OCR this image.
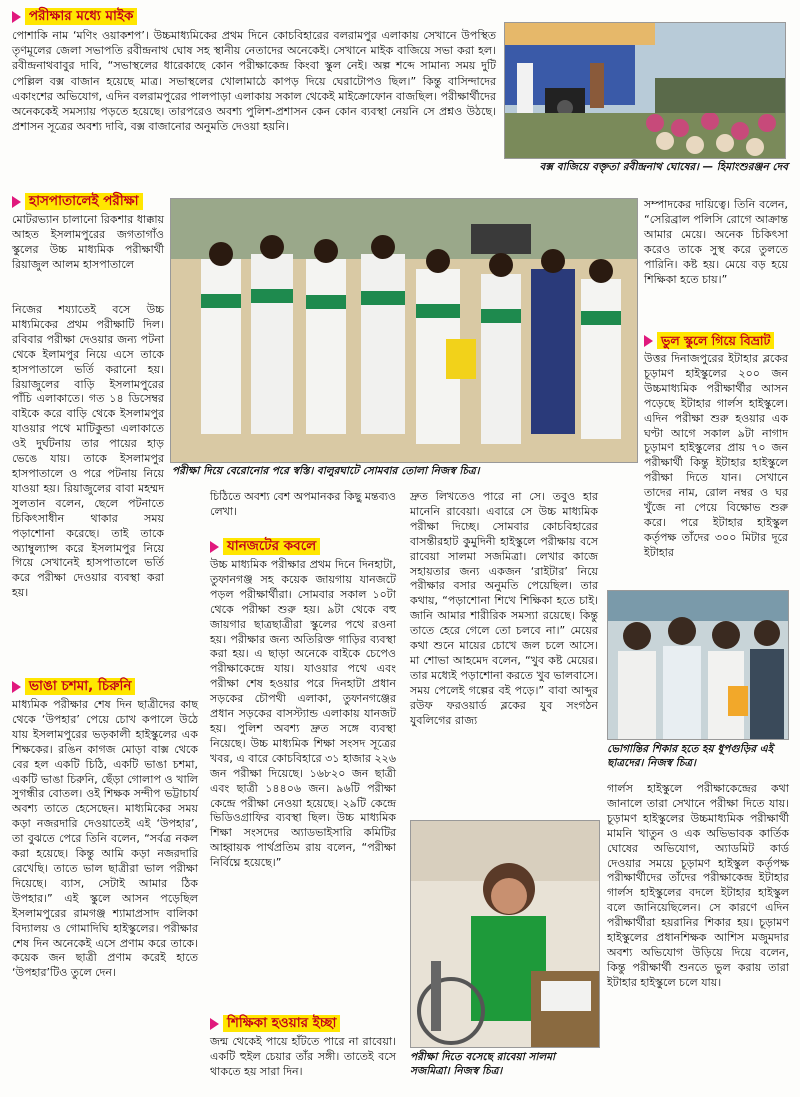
পরীক্ষার মধ্যে মাইক

পোশাকি নাম ‘মণিং ওয়াকশপ’। উচ্চমাধ্যমিকের প্রথম দিনে কোচবিহারের বলরামপুর এলাকায় সেখানে উপস্থিত তৃণমূলের জেলা সভাপতি রবীন্দ্রনাথ ঘোষ সহ স্থানীয় নেতাদের অনেকেই। সেখানে মাইক বাজিয়ে সভা করা হল। রবীন্দ্রনাথবাবুর দাবি, “সভাস্থলের ধারেকাছে কোন পরীক্ষাকেন্দ্র কিংবা স্কুল নেই। অল্প শব্দে সামান্য সময় দুটি পেল্লিল বক্স বাজান হয়েছে মাত্র। সভাস্থলের খোলামাঠে কাপড় দিয়ে ঘেরাটোপও ছিল।” কিন্তু বাসিন্দাদের একাংশের অভিযোগ, এদিন বলরামপুরের পালপাড়া এলাকায় সকাল থেকেই মাইক্রোফোন বাজছিল। পরীক্ষার্থীদের অনেককেই সমস্যায় পড়তে হয়েছে। তারপরেও অবশ্য পুলিশ-প্রশাসন কেন কোন ব্যবস্থা নেয়নি সে প্রশ্নও উঠছে। প্রশাসন সূত্রের অবশ্য দাবি, বক্স বাজানোর অনুমতি দেওয়া হয়নি।

বক্স বাজিয়ে বক্তৃতা রবীন্দ্রনাথ ঘোষের। — হিমাংশুরঞ্জন দেব

হাসপাতালেই পরীক্ষা

মোটরভ্যান চালানো রিকশার ধাক্কায় আহত ইসলামপুরের জগতাগাঁও স্কুলের উচ্চ মাধ্যমিক পরীক্ষার্থী রিয়াজুল আলম হাসপাতালে

পরীক্ষা দিয়ে বেরোনোর পরে স্বস্তি। বালুরঘাটে সোমবার তোলা নিজস্ব চিত্র।

নিজের শয্যাতেই বসে উচ্চ মাধ্যমিকের প্রথম পরীক্ষাটি দিল। রবিবার পরীক্ষা দেওয়ার জন্য পটনা থেকে ইলামপুর নিয়ে এসে তাকে হাসপাতালে ভর্তি করানো হয়। রিয়াজুলের বাড়ি ইসলামপুরের পাঁচি এলাকাতে। গত ১৪ ডিসেম্বর বাইকে করে বাড়ি থেকে ইসলামপুর যাওয়ার পথে মাটিকুন্ডা এলাকাতে ওই দুর্ঘটনায় তার পায়ের হাড় ভেঙে যায়। তাকে ইসলামপুর হাসপাতালে ও পরে পটনায় নিয়ে যাওয়া হয়। রিয়াজুলের বাবা মহম্মদ সুলতান বলেন, ছেলে পটনাতে চিকিৎসাধীন থাকার সময় পড়াশোনা করেছে। তাই তাকে অ্যাম্বুল্যান্স করে ইসলামপুর নিয়ে গিয়ে সেখানেই হাসপাতালে ভর্তি করে পরীক্ষা দেওয়ার ব্যবস্থা করা হয়।

সম্পাদকের দায়িত্বে। তিনি বলেন, “সেরিব্রাল পলিসি রোগে আক্রান্ত আমার মেয়ে। অনেক চিকিৎসা করেও তাকে সুস্থ করে তুলতে পারিনি। কষ্ট হয়। মেয়ে বড় হয়ে শিক্ষিকা হতে চায়।”

ভুল স্কুলে গিয়ে বিভ্রাট

উত্তর দিনাজপুরের ইটাহার ব্লকের চূড়ামণ হাইস্কুলের ২০০ জন উচ্চমাধ্যমিক পরীক্ষার্থীর আসন পড়েছে ইটাহার গার্লস হাইস্কুলে। এদিন পরীক্ষা শুরু হওয়ার এক ঘণ্টা আগে সকাল ৯টা নাগাদ চূড়ামণ হাইস্কুলের প্রায় ৭০ জন পরীক্ষার্থী কিন্তু ইটাহার হাইস্কুলে পরীক্ষা দিতে যান। সেখানে তাদের নাম, রোল নম্বর ও ঘর খুঁজে না পেয়ে বিক্ষোভ শুরু করে। পরে ইটাহার হাইস্কুল কর্তৃপক্ষ তাঁদের ৩০০ মিটার দূরে ইটাহার

ভোগান্তির শিকার হতে হয় ধূপগুড়ির এই ছাত্রদের। নিজস্ব চিত্র।

গার্লস হাইস্কুলে পরীক্ষাকেন্দ্রের কথা জানালে তারা সেখানে পরীক্ষা দিতে যায়। চূড়ামণ হাইস্কুলের উচ্চমাধ্যমিক পরীক্ষার্থী মামনি খাতুন ও এক অভিভাবক কার্তিক ঘোষের অভিযোগ, অ্যাডমিট কার্ড দেওয়ার সময়ে চূড়ামণ হাইস্কুল কর্তৃপক্ষ পরীক্ষার্থীদের তাঁদের পরীক্ষাকেন্দ্র ইটাহার গার্লস হাইস্কুলের বদলে ইটাহার হাইস্কুল বলে জানিয়েছিলেন। সে কারণে এদিন পরীক্ষার্থীরা হয়রানির শিকার হয়। চূড়ামণ হাইস্কুলের প্রধানশিক্ষক আশিস মজুমদার অবশ্য অভিযোগ উড়িয়ে দিয়ে বলেন, কিন্তু পরীক্ষার্থী শুনতে ভুল করায় তারা ইটাহার হাইস্কুলে চলে যায়।

ভাঙা চশমা, চিরুনি

মাধ্যমিক পরীক্ষার শেষ দিন ছাত্রীদের কাছ থেকে ‘উপহার’ পেয়ে চোখ কপালে উঠে যায় ইসলামপুরের ভড়কালী হাইস্কুলের এক শিক্ষকের। রঙিন কাগজ মোড়া বাক্স থেকে বের হল একটি চিঠি, একটি ভাঙা চশমা, একটি ভাঙা চিরুনি, ছেঁড়া গোলাপ ও খালি সুগন্ধীর বোতল। ওই শিক্ষক সন্দীপ ভট্টাচার্য অবশ্য তাতে হেসেছেন। মাধ্যমিকের সময় কড়া নজরদারি দেওয়াতেই এই ‘উপহার’, তা বুঝতে পেরে তিনি বলেন, “সর্বত্র নকল করা হয়েছে। কিন্তু আমি কড়া নজরদারি রেখেছি। তাতে ভাল ছাত্রীরা ভাল পরীক্ষা দিয়েছে। ব্যাস, সেটাই আমার ঠিক উপহার।” এই স্কুলে আসন পড়েছিল ইসলামপুরের রামগঞ্জ শ্যামাপ্রসাদ বালিকা বিদ্যালয় ও গোমাদিঘি হাইস্কুলের। পরীক্ষার শেষ দিন অনেকেই এসে প্রণাম করে তাকে। কয়েক জন ছাত্রী প্রণাম করেই হাতে ‘উপহার’টিও তুলে দেন।

চিঠিতে অবশ্য বেশ অপমানকর কিছু মন্তব্যও লেখা।

যানজটের কবলে

উচ্চ মাধ্যমিক পরীক্ষার প্রথম দিনে দিনহাটা, তুফানগঞ্জ সহ কয়েক জায়গায় যানজটে পড়ল পরীক্ষার্থীরা। সোমবার সকাল ১০টা থেকে পরীক্ষা শুরু হয়। ৯টা থেকে বহু জায়গার ছাত্রছাত্রীরা স্কুলের পথে রওনা হয়। পরীক্ষার জন্য অতিরিক্ত গাড়ির ব্যবস্থা করা হয়। এ ছাড়া অনেকে বাইকে চেপেও পরীক্ষাকেন্দ্রে যায়। যাওয়ার পথে এবং পরীক্ষা শেষ হওয়ার পরে দিনহাটা প্রধান সড়কের চৌপথী এলাকা, তুফানগঞ্জের প্রধান সড়কের বাসস্ট্যান্ড এলাকায় যানজট হয়। পুলিশ অবশ্য দ্রুত সঙ্গে ব্যবস্থা নিয়েছে। উচ্চ মাধ্যমিক শিক্ষা সংসদ সূত্রের খবর, এ বারে কোচবিহারে ৩১ হাজার ২২৬ জন পরীক্ষা দিয়েছে। ১৬৮২০ জন ছাত্রী এবং ছাত্রী ১৪৪০৬ জন। ৯৬টি পরীক্ষা কেন্দ্রে পরীক্ষা নেওয়া হয়েছে। ২৯টি কেন্দ্রে ভিডিওগ্রাফির ব্যবস্থা ছিল। উচ্চ মাধ্যমিক শিক্ষা সংসদের অ্যাডভাইসারি কমিটির আহ্বায়ক পার্থপ্রতিম রায় বলেন, “পরীক্ষা নির্বিঘ্নে হয়েছে।”

শিক্ষিকা হওয়ার ইচ্ছা

জন্ম থেকেই পায়ে হাঁটতে পারে না রাবেয়া। একটি হুইল চেয়ার তাঁর সঙ্গী। তাতেই বসে থাকতে হয় সারা দিন।

দ্রুত লিখতেও পারে না সে। তবুও হার মানেনি রাবেয়া। এবারে সে উচ্চ মাধ্যমিক পরীক্ষা দিচ্ছে। সোমবার কোচবিহারের বাসন্তীরহাট কুমুদিনী হাইস্কুলে পরীক্ষায় বসে রাবেয়া সালমা সজমিত্রা। লেখার কাজে সহায়তার জন্য একজন ‘রাইটার’ নিয়ে পরীক্ষার বসার অনুমতি পেয়েছিল। তার কথায়, “পড়াশোনা শিখে শিক্ষিকা হতে চাই। জানি আমার শারীরিক সমস্যা রয়েছে। কিন্তু তাতে হেরে গেলে তো চলবে না।” মেয়ের কথা শুনে মায়ের চোখে জল চলে আসে। মা শোভা আহমেদ বলেন, “খুব কষ্ট মেয়ের। তার মধ্যেই পড়াশোনা করতে খুব ভালবাসে। সময় পেলেই গল্পের বই পড়ে।” বাবা আব্দুর রউফ ফরওয়ার্ড ব্লকের যুব সংগঠন যুবলিগের রাজ্য

পরীক্ষা দিতে বসেছে রাবেয়া সালমা সজমিত্রা। নিজস্ব চিত্র।
